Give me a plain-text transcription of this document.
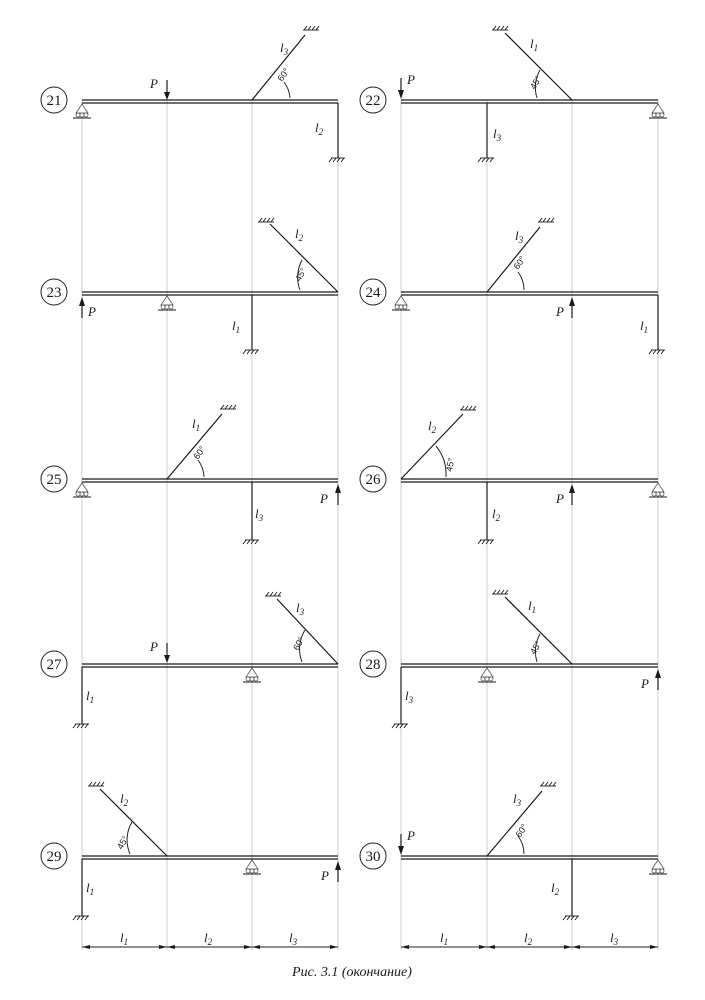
21
P
$l_3$
$l_2$
60°
22
P
$l_1$
$l_3$
45°
23
P
$l_2$
$l_1$
45°
24
P
$l_3$
$l_1$
60°
25
P
$l_1$
$l_3$
60°
26
P
$l_2$
$l_2$
45°
27
P
$l_3$
$l_1$
60°
28
P
$l_1$
$l_3$
45°
29
P
$l_2$
$l_1$
45°
30
P
$l_3$
$l_2$
60°
$l_1$	$l_2$	$l_3$	$l_1$	$l_2$	$l_3$
Рис. 3.1 (окончание)
